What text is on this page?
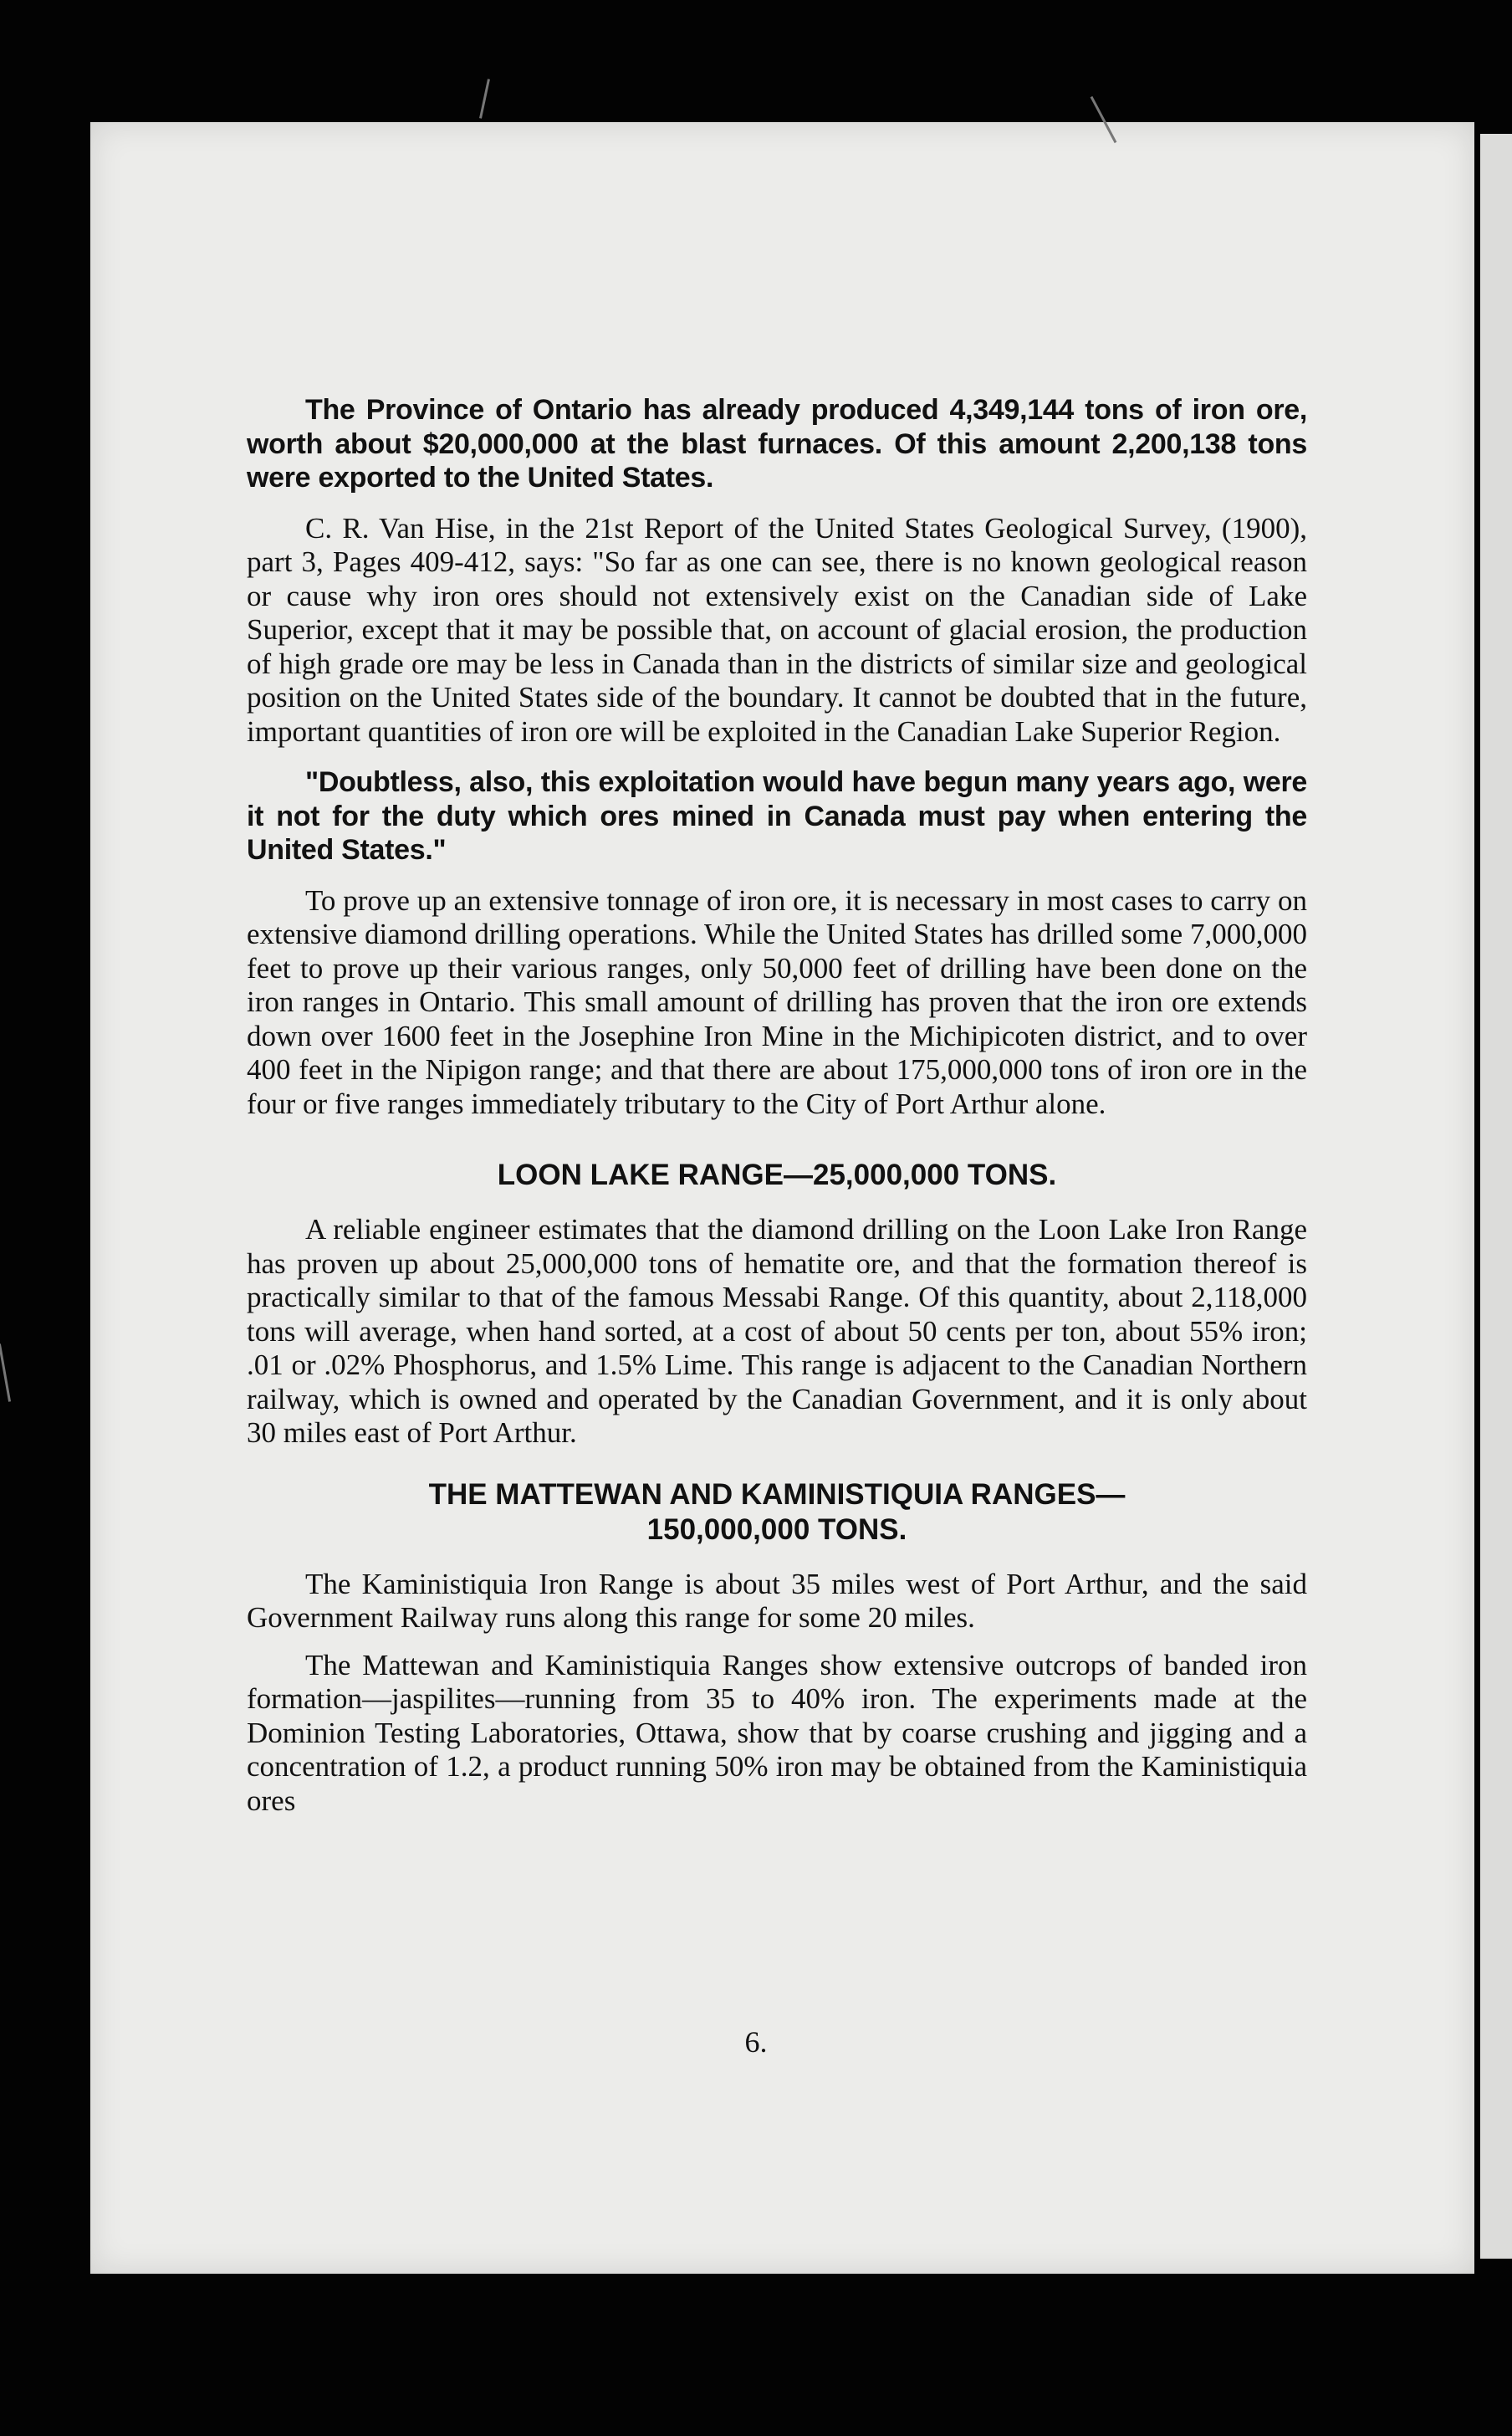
The Province of Ontario has already produced 4,349,144 tons of iron ore, worth about $20,000,000 at the blast furnaces. Of this amount 2,200,138 tons were exported to the United States.

C. R. Van Hise, in the 21st Report of the United States Geological Survey, (1900), part 3, Pages 409-412, says: "So far as one can see, there is no known geological reason or cause why iron ores should not extensively exist on the Canadian side of Lake Superior, except that it may be possible that, on account of glacial erosion, the production of high grade ore may be less in Canada than in the districts of similar size and geological position on the United States side of the boundary. It cannot be doubted that in the future, important quantities of iron ore will be exploited in the Canadian Lake Superior Region.

"Doubtless, also, this exploitation would have begun many years ago, were it not for the duty which ores mined in Canada must pay when entering the United States."

To prove up an extensive tonnage of iron ore, it is necessary in most cases to carry on extensive diamond drilling operations. While the United States has drilled some 7,000,000 feet to prove up their various ranges, only 50,000 feet of drilling have been done on the iron ranges in Ontario. This small amount of drilling has proven that the iron ore extends down over 1600 feet in the Josephine Iron Mine in the Michipicoten district, and to over 400 feet in the Nipigon range; and that there are about 175,000,000 tons of iron ore in the four or five ranges immediately tributary to the City of Port Arthur alone.

LOON LAKE RANGE—25,000,000 TONS.

A reliable engineer estimates that the diamond drilling on the Loon Lake Iron Range has proven up about 25,000,000 tons of hematite ore, and that the formation thereof is practically similar to that of the famous Messabi Range. Of this quantity, about 2,118,000 tons will average, when hand sorted, at a cost of about 50 cents per ton, about 55% iron; .01 or .02% Phosphorus, and 1.5% Lime. This range is adjacent to the Canadian Northern railway, which is owned and operated by the Canadian Government, and it is only about 30 miles east of Port Arthur.

THE MATTEWAN AND KAMINISTIQUIA RANGES—
150,000,000 TONS.

The Kaministiquia Iron Range is about 35 miles west of Port Arthur, and the said Government Railway runs along this range for some 20 miles.

The Mattewan and Kaministiquia Ranges show extensive outcrops of banded iron formation—jaspilites—running from 35 to 40% iron. The experiments made at the Dominion Testing Laboratories, Ottawa, show that by coarse crushing and jigging and a concentration of 1.2, a product running 50% iron may be obtained from the Kaministiquia ores

6.
